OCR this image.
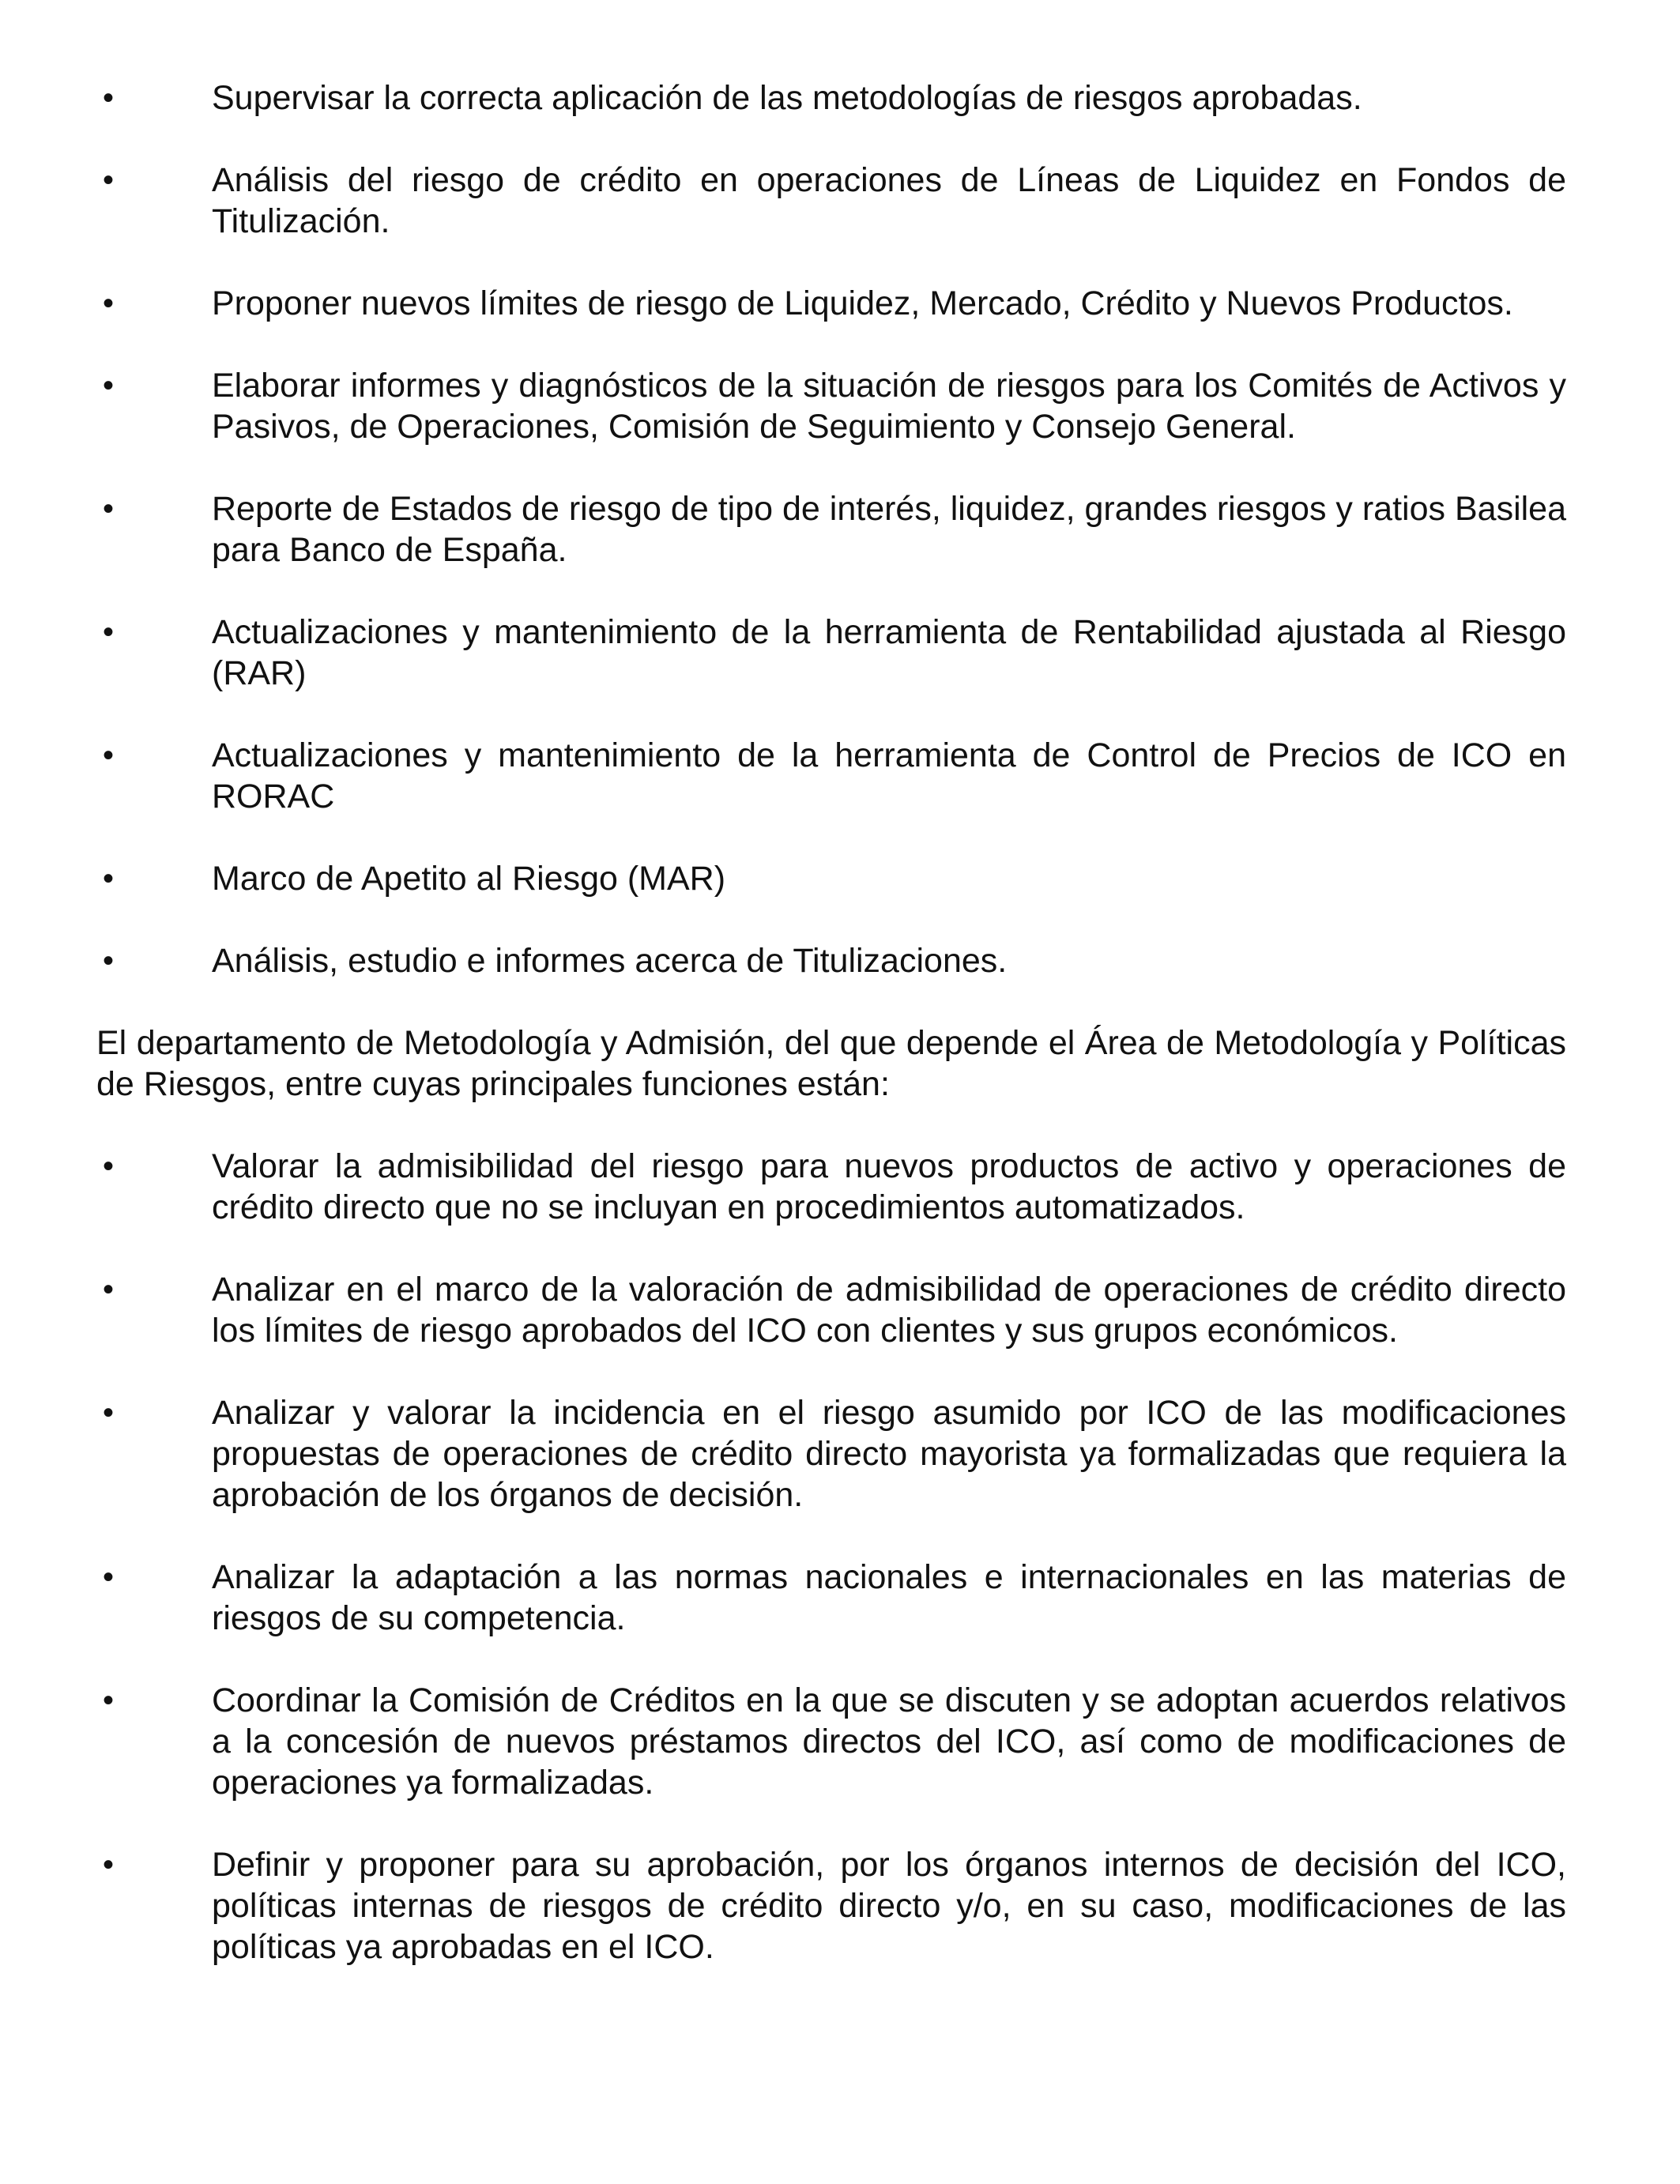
•	Supervisar la correcta aplicación de las metodologías de riesgos aprobadas.
•	Análisis del riesgo de crédito en operaciones de Líneas de Liquidez en Fondos de Titulización.
•	Proponer nuevos límites de riesgo de Liquidez, Mercado, Crédito y Nuevos Productos.
•	Elaborar informes y diagnósticos de la situación de riesgos para los Comités de Activos y Pasivos, de Operaciones, Comisión de Seguimiento y Consejo General.
•	Reporte de Estados de riesgo de tipo de interés, liquidez, grandes riesgos y ratios Basilea para Banco de España.
•	Actualizaciones y mantenimiento de la herramienta de Rentabilidad ajustada al Riesgo (RAR)
•	Actualizaciones y mantenimiento de la herramienta de Control de Precios de ICO en RORAC
•	Marco de Apetito al Riesgo (MAR)
•	Análisis, estudio e informes acerca de Titulizaciones.

El departamento de Metodología y Admisión, del que depende el Área de Metodología y Políticas de Riesgos, entre cuyas principales funciones están:

•	Valorar la admisibilidad del riesgo para nuevos productos de activo y operaciones de crédito directo que no se incluyan en procedimientos automatizados.
•	Analizar en el marco de la valoración de admisibilidad de operaciones de crédito directo los límites de riesgo aprobados del ICO con clientes y sus grupos económicos.
•	Analizar y valorar la incidencia en el riesgo asumido por ICO de las modificaciones propuestas de operaciones de crédito directo mayorista ya formalizadas que requiera la aprobación de los órganos de decisión.
•	Analizar la adaptación a las normas nacionales e internacionales en las materias de riesgos de su competencia.
•	Coordinar la Comisión de Créditos en la que se discuten y se adoptan acuerdos relativos a la concesión de nuevos préstamos directos del ICO, así como de modificaciones de operaciones ya formalizadas.
•	Definir y proponer para su aprobación, por los órganos internos de decisión del ICO, políticas internas de riesgos de crédito directo y/o, en su caso, modificaciones de las políticas ya aprobadas en el ICO.
